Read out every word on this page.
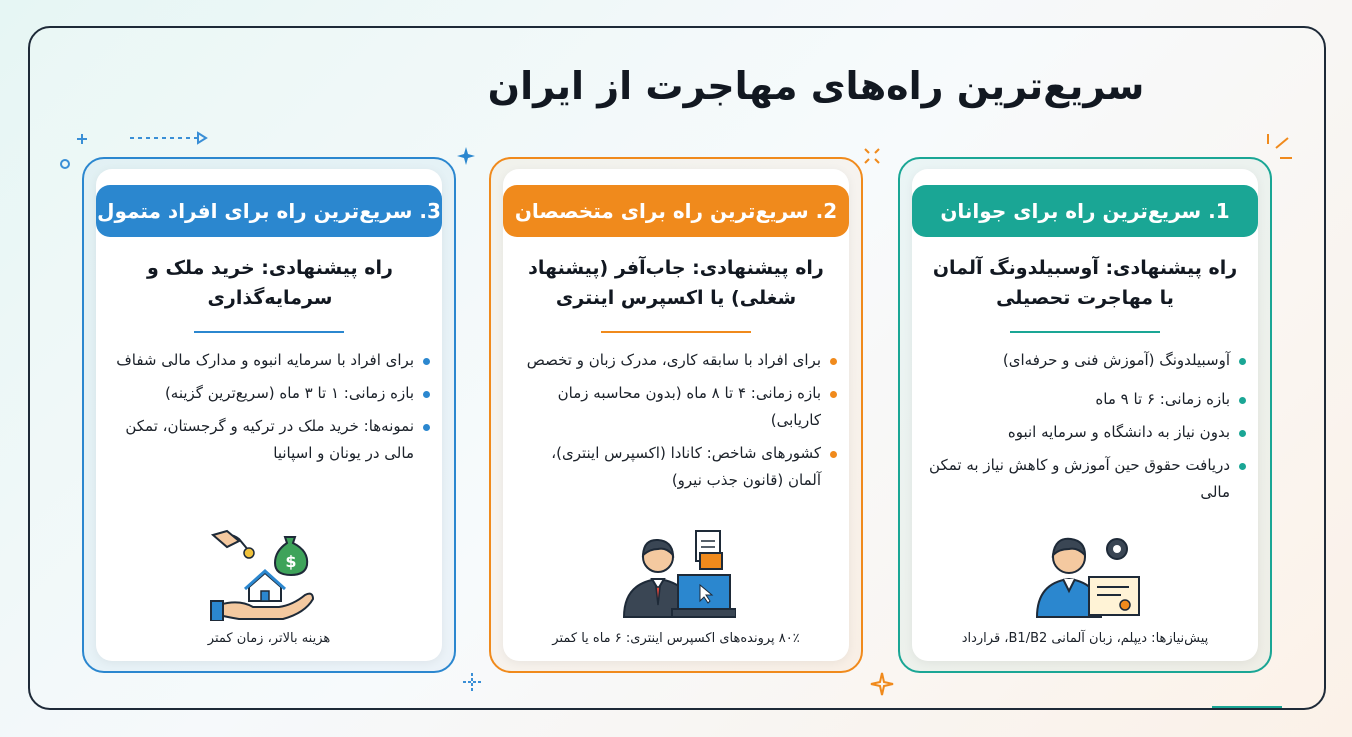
سریع‌ترین راه‌های مهاجرت از ایران
1. سریع‌ترین راه برای جوانان
راه پیشنهادی: آوسبیلدونگ آلمان یا مهاجرت تحصیلی
آوسبیلدونگ (آموزش فنی و حرفه‌ای)
بازه زمانی: ۶ تا ۹ ماه
بدون نیاز به دانشگاه و سرمایه انبوه
دریافت حقوق حین آموزش و کاهش نیاز به تمکن مالی
پیش‌نیازها: دیپلم، زبان آلمانی B1/B2، قرارداد
2. سریع‌ترین راه برای متخصصان
راه پیشنهادی: جاب‌آفر (پیشنهاد شغلی) یا اکسپرس اینتری
برای افراد با سابقه کاری، مدرک زبان و تخصص
بازه زمانی: ۴ تا ۸ ماه (بدون محاسبه زمان کاریابی)
کشورهای شاخص: کانادا (اکسپرس اینتری)، آلمان (قانون جذب نیرو)
۸۰٪ پرونده‌های اکسپرس اینتری: ۶ ماه یا کمتر
3. سریع‌ترین راه برای افراد متمول
راه پیشنهادی: خرید ملک و سرمایه‌گذاری
برای افراد با سرمایه انبوه و مدارک مالی شفاف
بازه زمانی: ۱ تا ۳ ماه (سریع‌ترین گزینه)
نمونه‌ها: خرید ملک در ترکیه و گرجستان، تمکن مالی در یونان و اسپانیا
$
هزینه بالاتر، زمان کمتر
